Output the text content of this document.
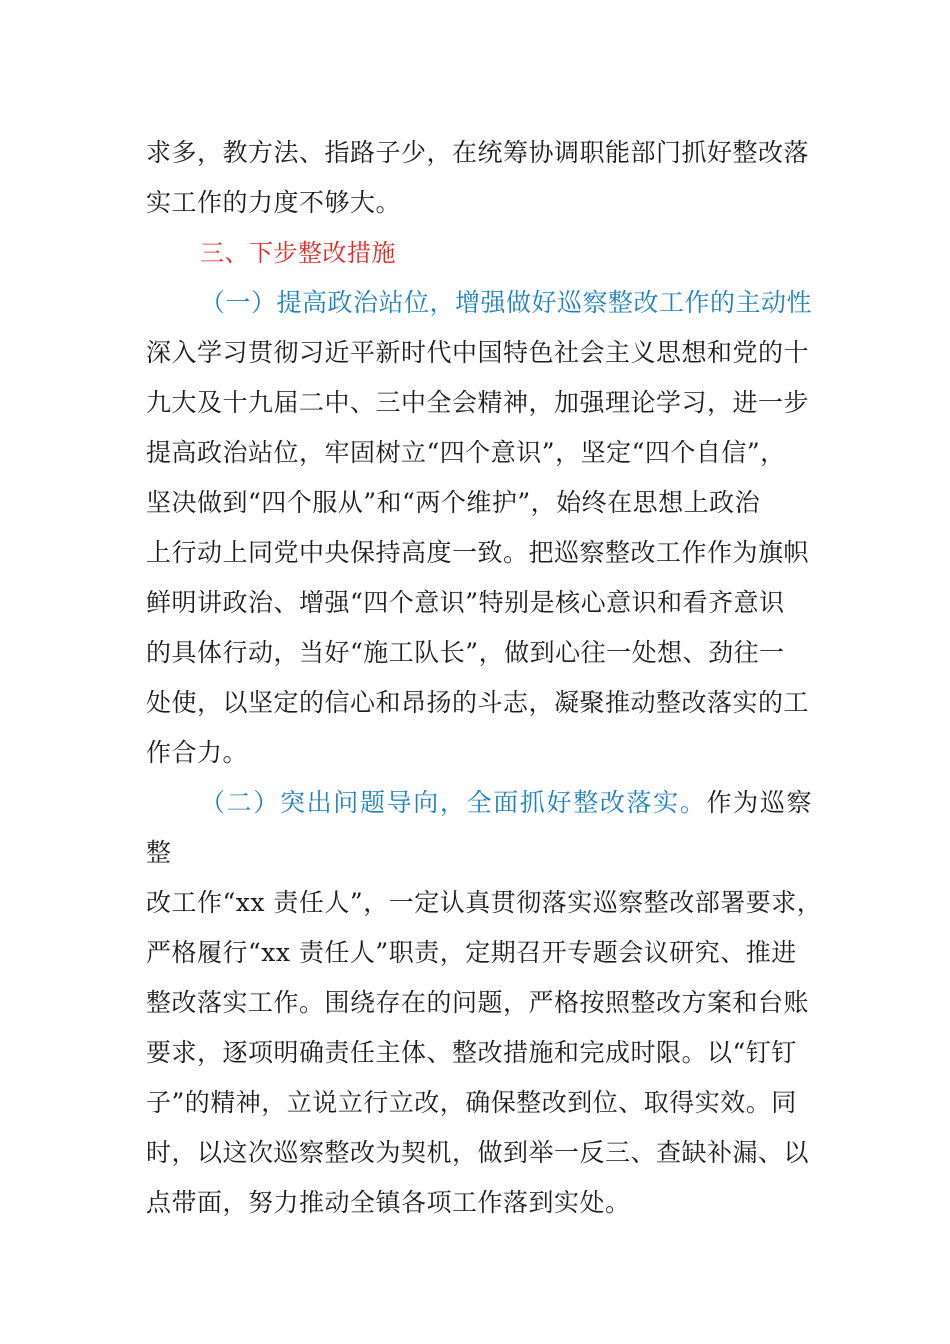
求多，教方法、指路子少，在统筹协调职能部门抓好整改落
实工作的力度不够大。

三、下步整改措施

（一）提高政治站位，增强做好巡察整改工作的主动性

深入学习贯彻习近平新时代中国特色社会主义思想和党的十
九大及十九届二中、三中全会精神，加强理论学习，进一步
提高政治站位，牢固树立“四个意识”，坚定“四个自信”，
坚决做到“四个服从”和“两个维护”，始终在思想上政治
上行动上同党中央保持高度一致。把巡察整改工作作为旗帜
鲜明讲政治、增强“四个意识”特别是核心意识和看齐意识
的具体行动，当好“施工队长”，做到心往一处想、劲往一
处使，以坚定的信心和昂扬的斗志，凝聚推动整改落实的工
作合力。

（二）突出问题导向，全面抓好整改落实。作为巡察整

改工作“xx 责任人”，一定认真贯彻落实巡察整改部署要求，
严格履行“xx 责任人”职责，定期召开专题会议研究、推进
整改落实工作。围绕存在的问题，严格按照整改方案和台账
要求，逐项明确责任主体、整改措施和完成时限。以“钉钉
子”的精神，立说立行立改，确保整改到位、取得实效。同
时，以这次巡察整改为契机，做到举一反三、查缺补漏、以
点带面，努力推动全镇各项工作落到实处。
